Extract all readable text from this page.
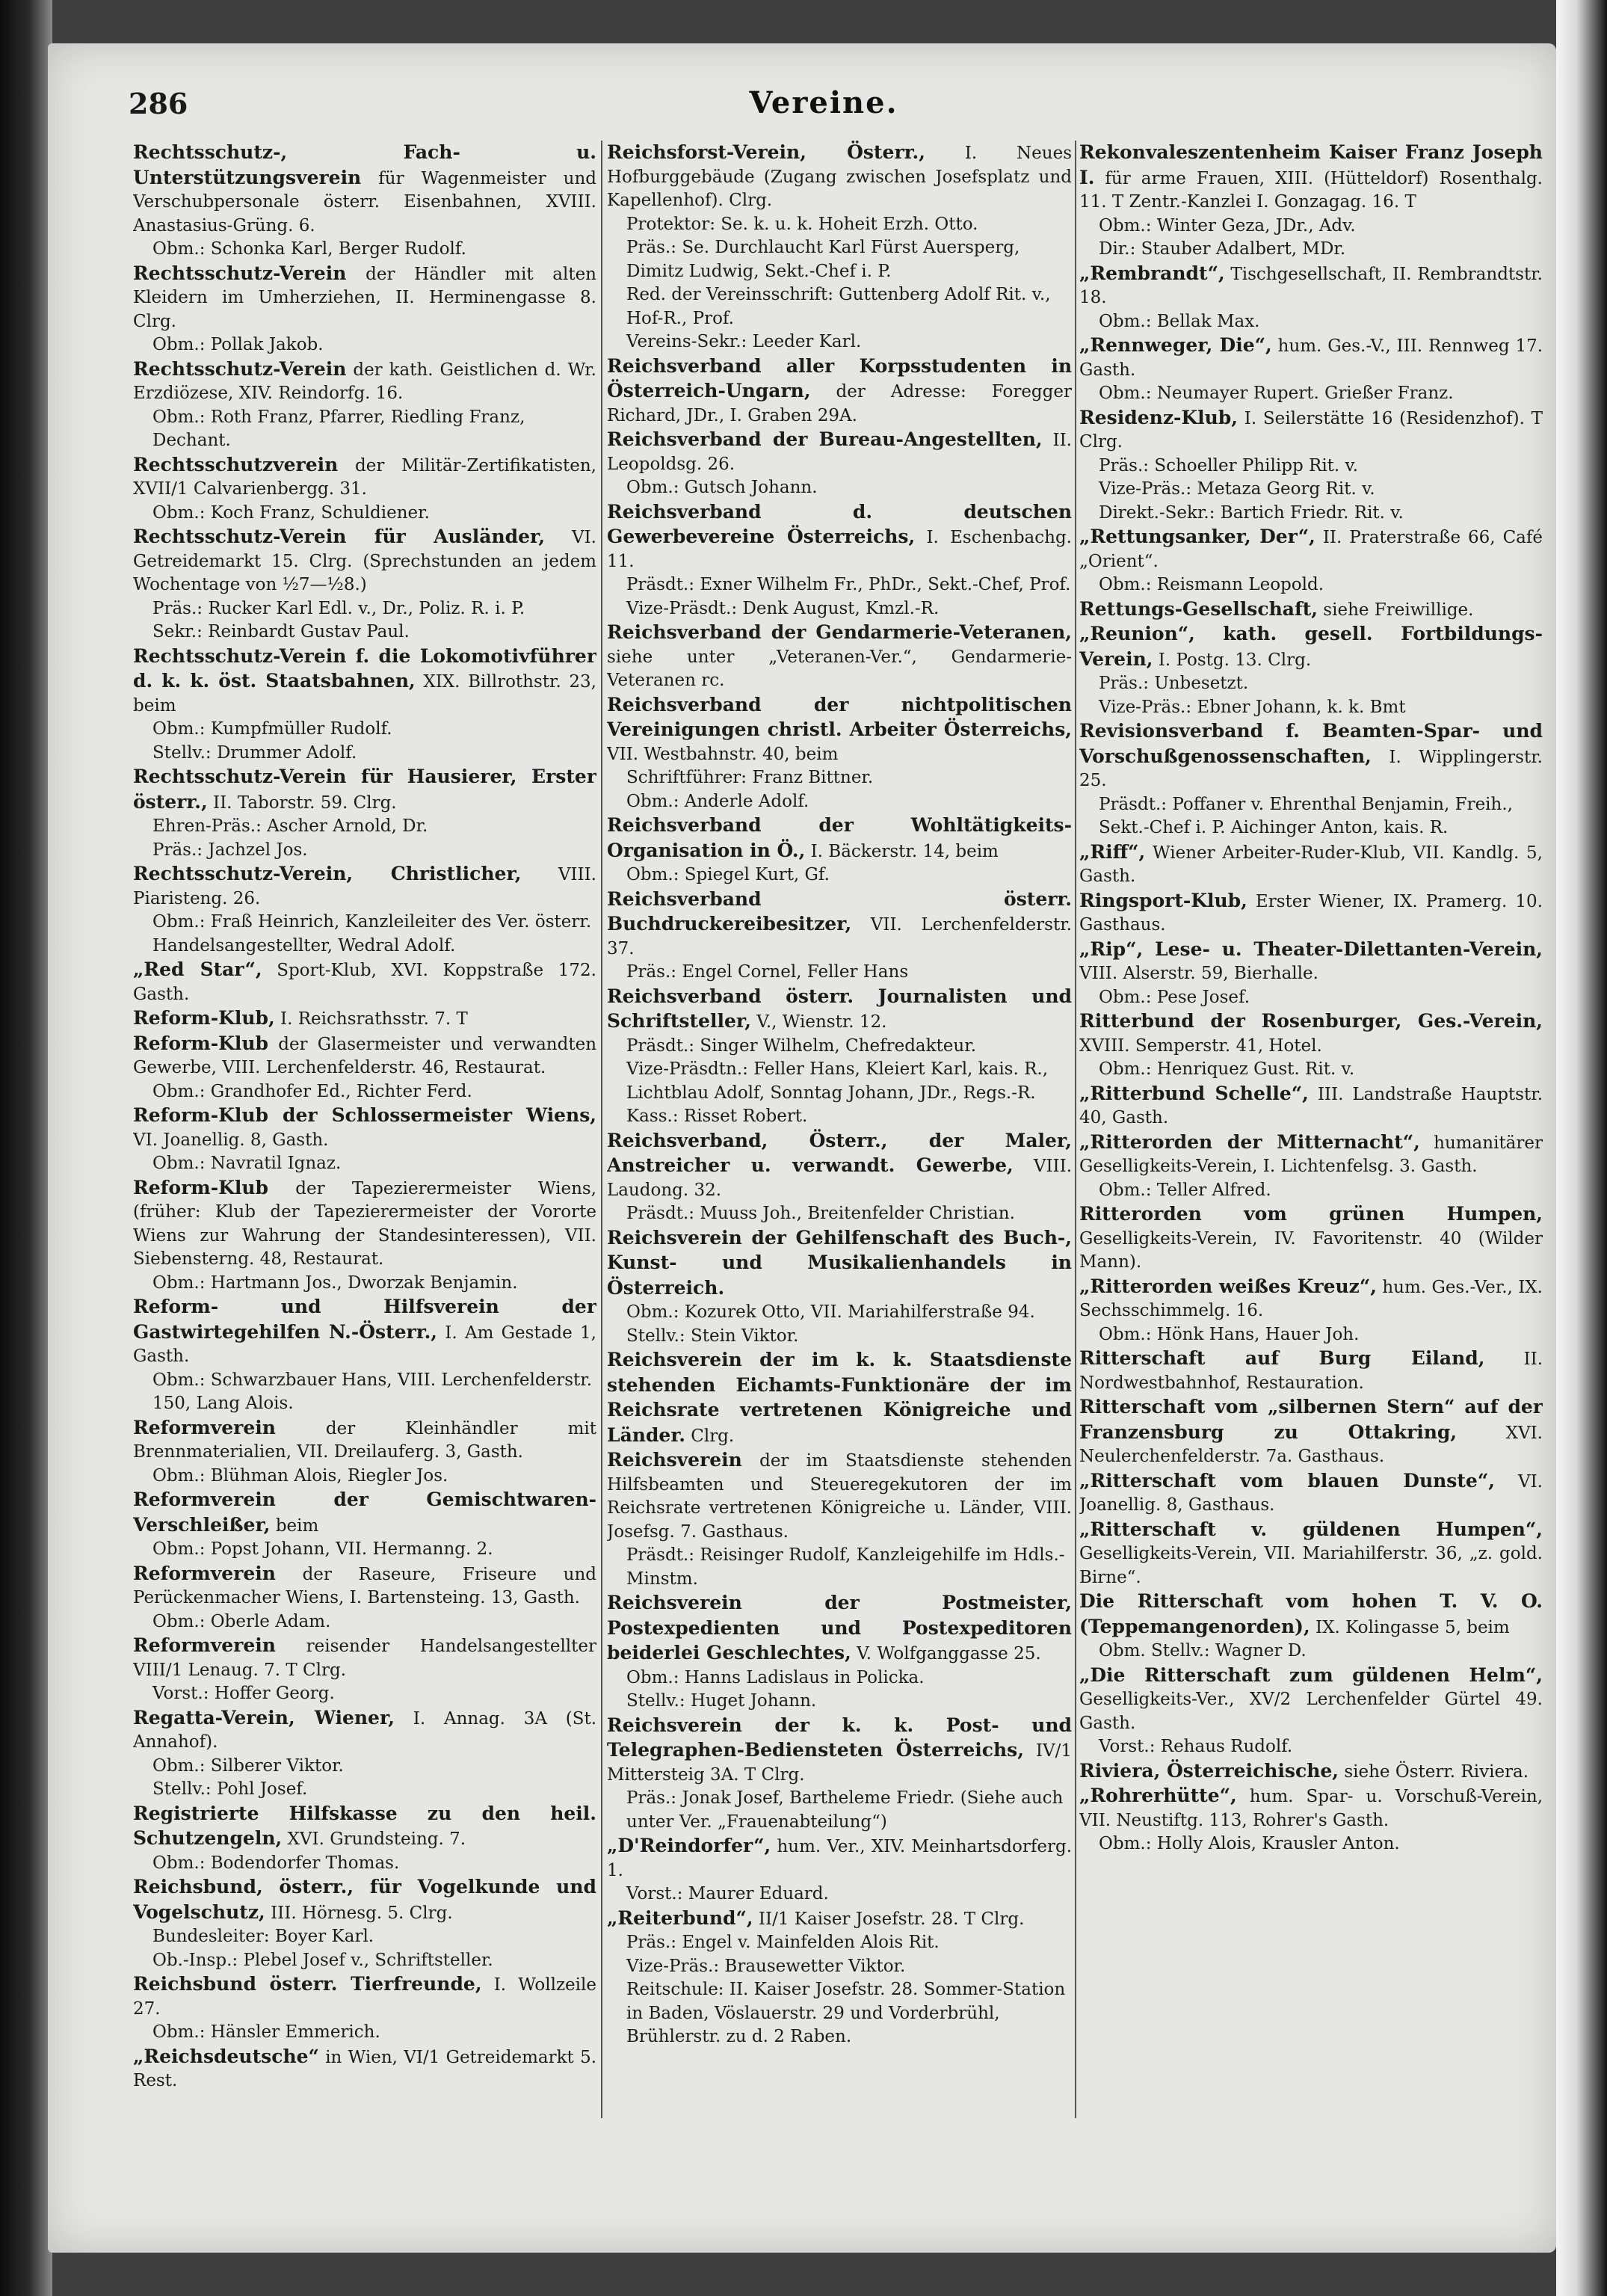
286	Vereine.

Rechtsschutz-, Fach- u. Unterstützungsverein für Wagenmeister und Verschubpersonale österr. Eisenbahnen, XVIII. Anastasius-Grüng. 6.

Obm.: Schonka Karl, Berger Rudolf.

Rechtsschutz-Verein der Händler mit alten Kleidern im Umherziehen, II. Herminengasse 8. Clrg.

Obm.: Pollak Jakob.

Rechtsschutz-Verein der kath. Geistlichen d. Wr. Erzdiözese, XIV. Reindorfg. 16.

Obm.: Roth Franz, Pfarrer, Riedling Franz, Dechant.

Rechtsschutzverein der Militär-Zertifikatisten, XVII/1 Calvarienbergg. 31.

Obm.: Koch Franz, Schuldiener.

Rechtsschutz-Verein für Ausländer, VI. Getreidemarkt 15. Clrg. (Sprechstunden an jedem Wochentage von ½7—½8.)

Präs.: Rucker Karl Edl. v., Dr., Poliz. R. i. P.

Sekr.: Reinbardt Gustav Paul.

Rechtsschutz-Verein f. die Lokomotivführer d. k. k. öst. Staatsbahnen, XIX. Billrothstr. 23, beim

Obm.: Kumpfmüller Rudolf.

Stellv.: Drummer Adolf.

Rechtsschutz-Verein für Hausierer, Erster österr., II. Taborstr. 59. Clrg.

Ehren-Präs.: Ascher Arnold, Dr.

Präs.: Jachzel Jos.

Rechtsschutz-Verein, Christlicher, VIII. Piaristeng. 26.

Obm.: Fraß Heinrich, Kanzleileiter des Ver. österr. Handelsangestellter, Wedral Adolf.

„Red Star“, Sport-Klub, XVI. Koppstraße 172. Gasth.

Reform-Klub, I. Reichsrathsstr. 7. T

Reform-Klub der Glasermeister und verwandten Gewerbe, VIII. Lerchenfelderstr. 46, Restaurat.

Obm.: Grandhofer Ed., Richter Ferd.

Reform-Klub der Schlossermeister Wiens, VI. Joanellig. 8, Gasth.

Obm.: Navratil Ignaz.

Reform-Klub der Tapezierermeister Wiens, (früher: Klub der Tapezierermeister der Vororte Wiens zur Wahrung der Standesinteressen), VII. Siebensterng. 48, Restaurat.

Obm.: Hartmann Jos., Dworzak Benjamin.

Reform- und Hilfsverein der Gastwirtegehilfen N.-Österr., I. Am Gestade 1, Gasth.

Obm.: Schwarzbauer Hans, VIII. Lerchenfelderstr. 150, Lang Alois.

Reformverein	der Kleinhändler mit Brennmaterialien, VII. Dreilauferg. 3, Gasth.

Obm.: Blühman Alois, Riegler Jos.

Reformverein der Gemischtwaren-Verschleißer, beim

Obm.: Popst Johann, VII. Hermanng. 2.

Reformverein der Raseure, Friseure und Perückenmacher Wiens, I. Bartensteing. 13, Gasth.

Obm.: Oberle Adam.

Reformverein reisender Handelsangestellter VIII/1 Lenaug. 7. T Clrg.

Vorst.: Hoffer Georg.

Regatta-Verein, Wiener, I. Annag. 3A (St. Annahof).

Obm.: Silberer Viktor.

Stellv.: Pohl Josef.

Registrierte Hilfskasse zu den heil. Schutzengeln, XVI. Grundsteing. 7.

Obm.: Bodendorfer Thomas.

Reichsbund, österr., für Vogelkunde und Vogelschutz, III. Hörnesg. 5. Clrg.

Bundesleiter: Boyer Karl.

Ob.-Insp.: Plebel Josef v., Schriftsteller.

Reichsbund österr. Tierfreunde, I. Wollzeile 27.

Obm.: Hänsler Emmerich.

„Reichsdeutsche“ in Wien, VI/1 Getreidemarkt 5. Rest.

Reichsforst-Verein, Österr., I. Neues Hofburggebäude (Zugang zwischen Josefsplatz und Kapellenhof). Clrg.

Protektor: Se. k. u. k. Hoheit Erzh. Otto.

Präs.: Se. Durchlaucht Karl Fürst Auersperg, Dimitz Ludwig, Sekt.-Chef i. P.

Red. der Vereinsschrift: Guttenberg Adolf Rit. v., Hof-R., Prof.

Vereins-Sekr.: Leeder Karl.

Reichsverband aller Korpsstudenten in Österreich-Ungarn, der Adresse: Foregger Richard, JDr., I. Graben 29A.

Reichsverband der Bureau-Angestellten, II. Leopoldsg. 26.

Obm.: Gutsch Johann.

Reichsverband d. deutschen Gewerbevereine Österreichs, I. Eschenbachg. 11.

Präsdt.: Exner Wilhelm Fr., PhDr., Sekt.-Chef, Prof.

Vize-Präsdt.: Denk August, Kmzl.-R.

Reichsverband der Gendarmerie-Veteranen, siehe unter „Veteranen-Ver.“, Gendarmerie-Veteranen rc.

Reichsverband der nichtpolitischen Vereinigungen christl. Arbeiter Österreichs, VII. Westbahnstr. 40, beim

Schriftführer: Franz Bittner.

Obm.: Anderle Adolf.

Reichsverband der Wohltätigkeits-Organisation in Ö., I. Bäckerstr. 14, beim

Obm.: Spiegel Kurt, Gf.

Reichsverband österr. Buchdruckereibesitzer, VII. Lerchenfelderstr. 37.

Präs.: Engel Cornel, Feller Hans

Reichsverband österr. Journalisten und Schriftsteller, V., Wienstr. 12.

Präsdt.: Singer Wilhelm, Chefredakteur.

Vize-Präsdtn.: Feller Hans, Kleiert Karl, kais. R., Lichtblau Adolf, Sonntag Johann, JDr., Regs.-R.

Kass.: Risset Robert.

Reichsverband, Österr., der Maler, Anstreicher u. verwandt. Gewerbe, VIII. Laudong. 32.

Präsdt.: Muuss Joh., Breitenfelder Christian.

Reichsverein der Gehilfenschaft des Buch-, Kunst- und Musikalienhandels in Österreich.

Obm.: Kozurek Otto, VII. Mariahilferstraße 94.

Stellv.: Stein Viktor.

Reichsverein der im k. k. Staatsdienste stehenden Eichamts-Funktionäre der im Reichsrate vertretenen Königreiche und Länder. Clrg.

Reichsverein der im Staatsdienste stehenden Hilfsbeamten und Steueregekutoren der im Reichsrate vertretenen Königreiche u. Länder, VIII. Josefsg. 7. Gasthaus.

Präsdt.: Reisinger Rudolf, Kanzleigehilfe im Hdls.-Minstm.

Reichsverein der Postmeister, Postexpedienten und Postexpeditoren beiderlei Geschlechtes, V. Wolfganggasse 25.

Obm.: Hanns Ladislaus in Policka.

Stellv.: Huget Johann.

Reichsverein der k. k. Post- und Telegraphen-Bediensteten Österreichs, IV/1 Mittersteig 3A. T Clrg.

Präs.: Jonak Josef, Bartheleme Friedr. (Siehe auch unter Ver. „Frauenabteilung“)

„D'Reindorfer“, hum. Ver., XIV. Meinhartsdorferg. 1.

Vorst.: Maurer Eduard.

„Reiterbund“, II/1 Kaiser Josefstr. 28. T Clrg.

Präs.: Engel v. Mainfelden Alois Rit.

Vize-Präs.: Brausewetter Viktor.

Reitschule: II. Kaiser Josefstr. 28. Sommer-Station in Baden, Vöslauerstr. 29 und Vorderbrühl, Brühlerstr. zu d. 2 Raben.

Rekonvaleszentenheim Kaiser Franz Joseph I. für arme Frauen, XIII. (Hütteldorf) Rosenthalg. 11. T Zentr.-Kanzlei I. Gonzagag. 16. T

Obm.: Winter Geza, JDr., Adv.

Dir.: Stauber Adalbert, MDr.

„Rembrandt“, Tischgesellschaft, II. Rembrandtstr. 18.

Obm.: Bellak Max.

„Rennweger, Die“, hum. Ges.-V., III. Rennweg 17. Gasth.

Obm.: Neumayer Rupert. Grießer Franz.

Residenz-Klub, I. Seilerstätte 16 (Residenzhof). T Clrg.

Präs.: Schoeller Philipp Rit. v.

Vize-Präs.: Metaza Georg Rit. v.

Direkt.-Sekr.: Bartich Friedr. Rit. v.

„Rettungsanker, Der“, II. Praterstraße 66, Café „Orient“.

Obm.: Reismann Leopold.

Rettungs-Gesellschaft, siehe Freiwillige.

„Reunion“, kath. gesell. Fortbildungs-Verein, I. Postg. 13. Clrg.

Präs.: Unbesetzt.

Vize-Präs.: Ebner Johann, k. k. Bmt

Revisionsverband f. Beamten-Spar- und Vorschußgenossenschaften, I. Wipplingerstr. 25.

Präsdt.: Poffaner v. Ehrenthal Benjamin, Freih., Sekt.-Chef i. P. Aichinger Anton, kais. R.

„Riff“, Wiener Arbeiter-Ruder-Klub, VII. Kandlg. 5, Gasth.

Ringsport-Klub, Erster Wiener, IX. Pramerg. 10. Gasthaus.

„Rip“, Lese- u. Theater-Dilettanten-Verein, VIII. Alserstr. 59, Bierhalle.

Obm.: Pese Josef.

Ritterbund der Rosenburger, Ges.-Verein, XVIII. Semperstr. 41, Hotel.

Obm.: Henriquez Gust. Rit. v.

„Ritterbund Schelle“, III. Landstraße Hauptstr. 40, Gasth.

„Ritterorden der Mitternacht“, humanitärer Geselligkeits-Verein, I. Lichtenfelsg. 3. Gasth.

Obm.: Teller Alfred.

Ritterorden vom grünen Humpen, Geselligkeits-Verein, IV. Favoritenstr. 40 (Wilder Mann).

„Ritterorden weißes Kreuz“, hum. Ges.-Ver., IX. Sechsschimmelg. 16.

Obm.: Hönk Hans, Hauer Joh.

Ritterschaft auf Burg Eiland, II. Nordwestbahnhof, Restauration.

Ritterschaft vom „silbernen Stern“ auf der Franzensburg zu Ottakring,	XVI. Neulerchenfelderstr. 7a. Gasthaus.

„Ritterschaft vom blauen Dunste“, VI. Joanellig. 8, Gasthaus.

„Ritterschaft v. güldenen Humpen“, Geselligkeits-Verein, VII. Mariahilferstr. 36, „z. gold. Birne“.

Die Ritterschaft vom hohen T. V. O. (Teppemangenorden), IX. Kolingasse 5, beim

Obm. Stellv.: Wagner D.

„Die Ritterschaft zum güldenen Helm“, Geselligkeits-Ver., XV/2 Lerchenfelder Gürtel 49. Gasth.

Vorst.: Rehaus Rudolf.

Riviera, Österreichische, siehe Österr. Riviera.

„Rohrerhütte“, hum. Spar- u. Vorschuß-Verein, VII. Neustiftg. 113, Rohrer's Gasth.

Obm.: Holly Alois, Krausler Anton.
